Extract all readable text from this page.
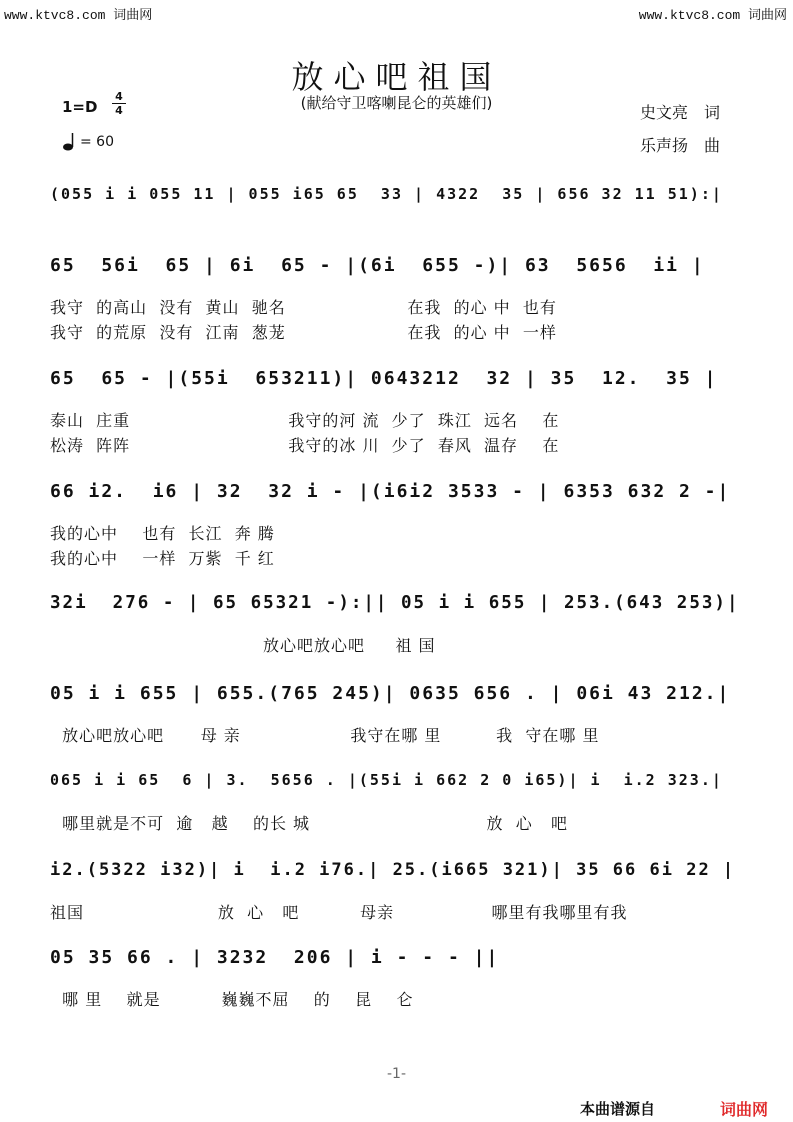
www.ktvc8.com 词曲网	www.ktvc8.com 词曲网
放心吧祖国
(献给守卫喀喇昆仑的英雄们)
1=D
4
4
= 60
史文亮　词
乐声扬　曲
(055 i i 055 11 | 055 i65 65  33 | 4322  35 | 656 32 11 51):|
65  56i  65 | 6i  65 - |(6i  655 -)| 63  5656  ii |
我守  的高山  没有  黄山  驰名                    在我  的心 中  也有
我守  的荒原  没有  江南  葱茏                    在我  的心 中  一样
65  65 - |(55i  653211)| 0643212  32 | 35  12.  35 |
泰山  庄重                          我守的河 流  少了  珠江  远名    在
松涛  阵阵                          我守的冰 川  少了  春风  温存    在
66 i2.  i6 | 32  32 i - |(i6i2 3533 - | 6353 632 2 -|
我的心中    也有  长江  奔 腾
我的心中    一样  万紫  千 红
32i  276 - | 65 65321 -):|| 05 i i 655 | 253.(643 253)|
放心吧放心吧     祖 国
05 i i 655 | 655.(765 245)| 0635 656 . | 06i 43 212.|
放心吧放心吧      母 亲                  我守在哪 里         我  守在哪 里
065 i i 65  6 | 3.  5656 . |(55i i 662 2 0 i65)| i  i.2 323.|
哪里就是不可  逾   越    的长 城                             放  心   吧
i2.(5322 i32)| i  i.2 i76.| 25.(i665 321)| 35 66 6i 22 |
祖国                      放  心   吧          母亲                哪里有我哪里有我
05 35 66 . | 3232  206 | i - - - ||
哪 里    就是          巍巍不屈    的    昆    仑
-1-
本曲谱源自	词曲网
